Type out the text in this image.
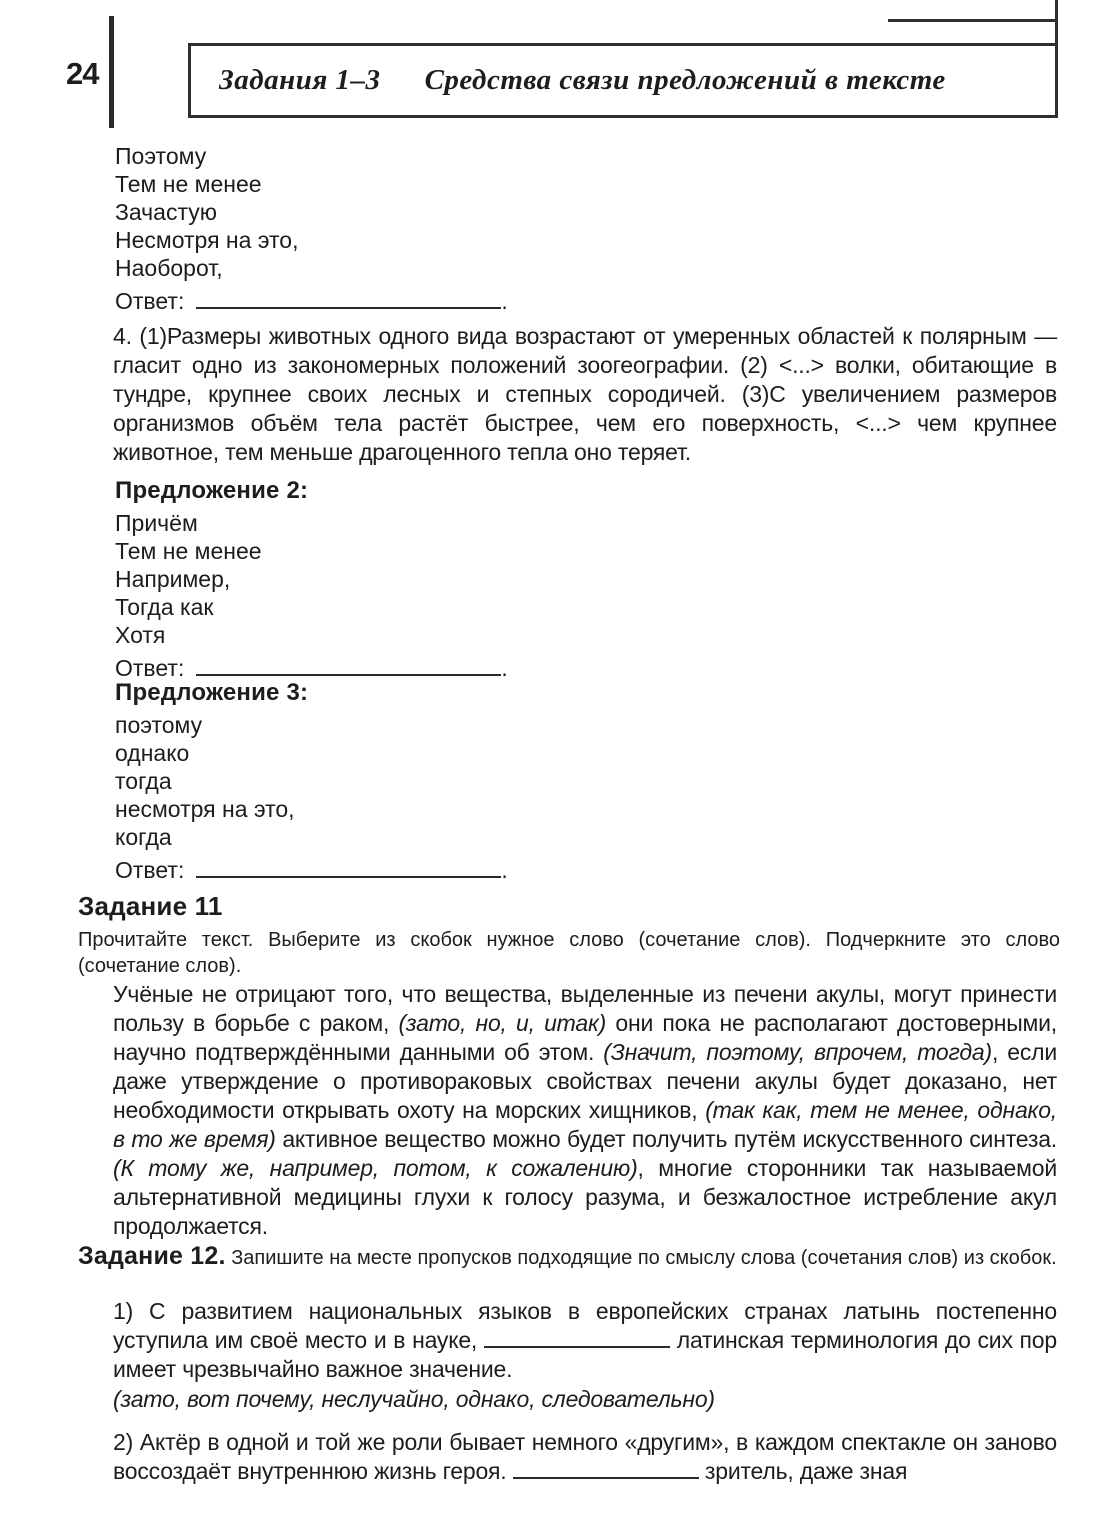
24	Задания 1–3 Средства связи предложений в тексте
Поэтому
Тем не менее
Зачастую
Несмотря на это,
Наоборот,
Ответ:	.
4. (1)Размеры животных одного вида возрастают от умеренных областей к полярным — гласит одно из закономерных положений зоогеографии. (2) <...> волки, обитающие в тундре, крупнее своих лесных и степных сородичей. (3)С увеличением размеров организмов объём тела растёт быстрее, чем его поверхность, <...> чем крупнее животное, тем меньше драгоценного тепла оно теряет.
Предложение 2:
Причём
Тем не менее
Например,
Тогда как
Хотя
Ответ:	.
Предложение 3:
поэтому
однако
тогда
несмотря на это,
когда
Ответ:	.
Задание 11
Прочитайте текст. Выберите из скобок нужное слово (сочетание слов). Подчеркните это слово (сочетание слов).
Учёные не отрицают того, что вещества, выделенные из печени акулы, могут принести пользу в борьбе с раком, (зато, но, и, итак) они пока не располагают достоверными, научно подтверждёнными данными об этом. (Значит, поэтому, впрочем, тогда), если даже утверждение о противораковых свойствах печени акулы будет доказано, нет необходимости открывать охоту на морских хищников, (так как, тем не менее, однако, в то же время) активное вещество можно будет получить путём искусственного синтеза. (К тому же, например, потом, к сожалению), многие сторонники так называемой альтернативной медицины глухи к голосу разума, и безжалостное истребление акул продолжается.
Задание 12. Запишите на месте пропусков подходящие по смыслу слова (сочетания слов) из скобок.
1) С развитием национальных языков в европейских странах латынь постепенно уступила им своё место и в науке,	латинская терминология до сих пор имеет чрезвычайно важное значение.
(зато, вот почему, неслучайно, однако, следовательно)
2) Актёр в одной и той же роли бывает немного «другим», в каждом спектакле он заново воссоздаёт внутреннюю жизнь героя.	зритель, даже зная
